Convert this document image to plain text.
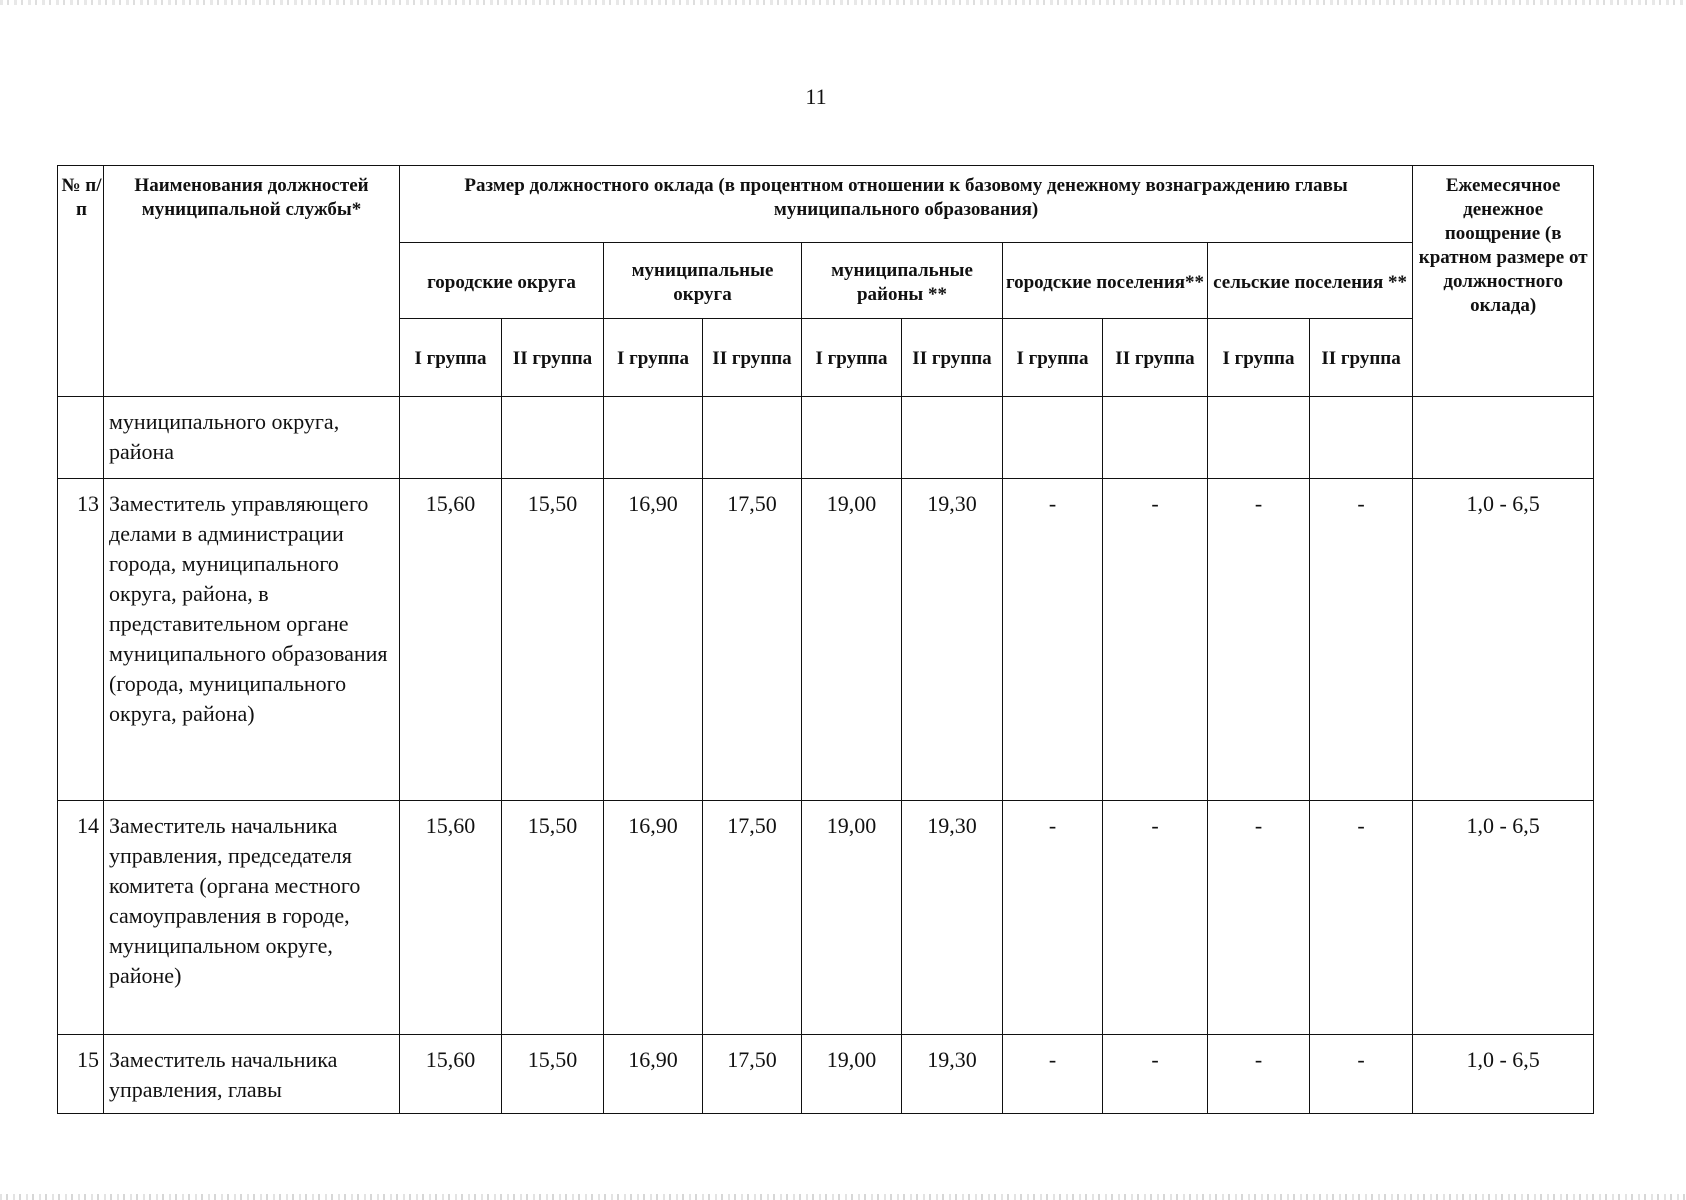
11
№ п/п	Наименования должностей муниципальной службы*	Размер должностного оклада (в процентном отношении к базовому денежному вознаграждению главы муниципального образования)										Ежемесячное денежное поощрение (в кратном размере от должностного оклада)
		городские округа		муниципальные округа		муниципальные районы **		городские поселения**		сельские поселения **		
		I группа	II группа	I группа	II группа	I группа	II группа	I группа	II группа	I группа	II группа	
	муниципального округа, района											
13	Заместитель управляющего делами в администрации города, муниципального округа, района, в представительном органе муниципального образования (города, муниципального округа, района)	15,60	15,50	16,90	17,50	19,00	19,30	-	-	-	-	1,0 - 6,5
14	Заместитель начальника управления, председателя комитета (органа местного самоуправления в городе, муниципальном округе, районе)	15,60	15,50	16,90	17,50	19,00	19,30	-	-	-	-	1,0 - 6,5
15	Заместитель начальника управления, главы	15,60	15,50	16,90	17,50	19,00	19,30	-	-	-	-	1,0 - 6,5
